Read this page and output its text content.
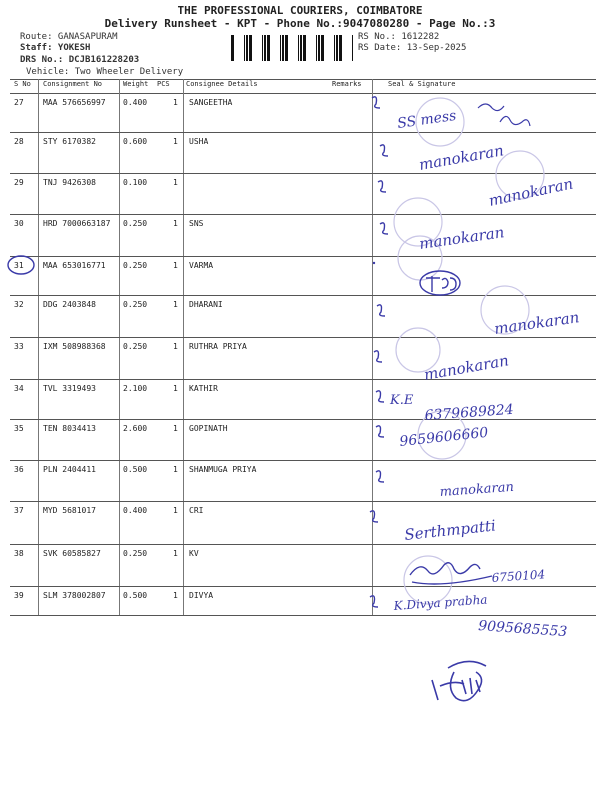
THE PROFESSIONAL COURIERS, COIMBATORE
Delivery Runsheet - KPT - Phone No.:9047080280 - Page No.:3
Route: GANASAPURAM
Staff: YOKESH
DRS No.: DCJB161228203
Vehicle: Two Wheeler Delivery
RS No.: 1612282
RS Date: 13-Sep-2025
S No Consignment No	Weight PCS Consignee Details	Remarks	Seal & Signature
27 MAA 576656997 0.400	1 SANGEETHA
28 STY 6170382	0.600	1 USHA
29 TNJ 9426308	0.100	1
30 HRD 7000663187 0.250	1 SNS
31 MAA 653016771 0.250	1 VARMA
32 DDG 2403848	0.250	1 DHARANI
33 IXM 508988368 0.250	1 RUTHRA PRIYA
34 TVL 3319493	2.100	1 KATHIR
35 TEN 8034413	2.600	1 GOPINATH
36 PLN 2404411	0.500	1 SHANMUGA PRIYA
37 MYD 5681017	0.400	1 CRI
38 SVK 60585827	0.250	1 KV
39 SLM 378002807 0.500	1 DIVYA
SS mess
manokaran
manokaran
manokaran
manokaran
manokaran
K.E
6379689824
9659606660
manokaran
Serthmpatti
6750104
K.Divya prabha
9095685553
